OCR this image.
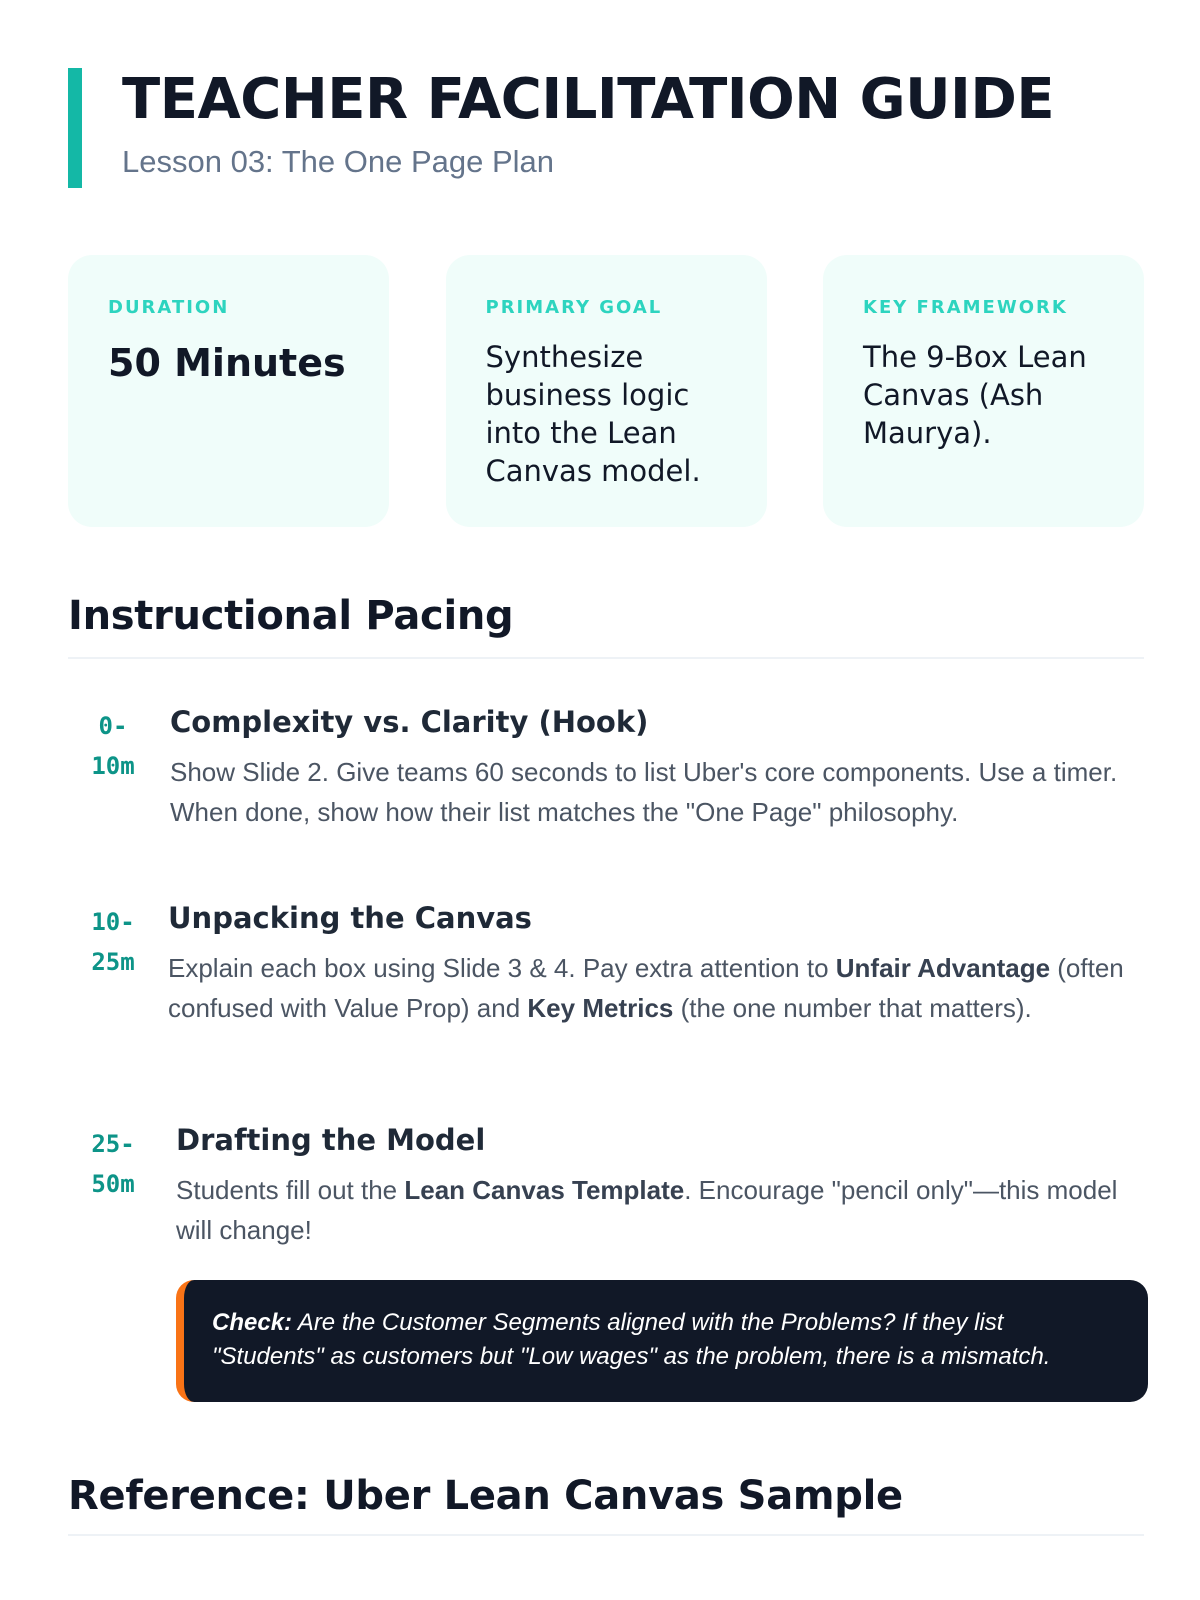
TEACHER FACILITATION GUIDE
Lesson 03: The One Page Plan
DURATION
50 Minutes
PRIMARY GOAL
Synthesize business logic into the Lean Canvas model.
KEY FRAMEWORK
The 9-Box Lean Canvas (Ash Maurya).
Instructional Pacing
0-
10m
Complexity vs. Clarity (Hook)
Show Slide 2. Give teams 60 seconds to list Uber's core components. Use a timer. When done, show how their list matches the "One Page" philosophy.
10-
25m
Unpacking the Canvas
Explain each box using Slide 3 & 4. Pay extra attention to Unfair Advantage (often confused with Value Prop) and Key Metrics (the one number that matters).
25-
50m
Drafting the Model
Students fill out the Lean Canvas Template. Encourage "pencil only"—this model will change!
Check: Are the Customer Segments aligned with the Problems? If they list "Students" as customers but "Low wages" as the problem, there is a mismatch.
Reference: Uber Lean Canvas Sample
